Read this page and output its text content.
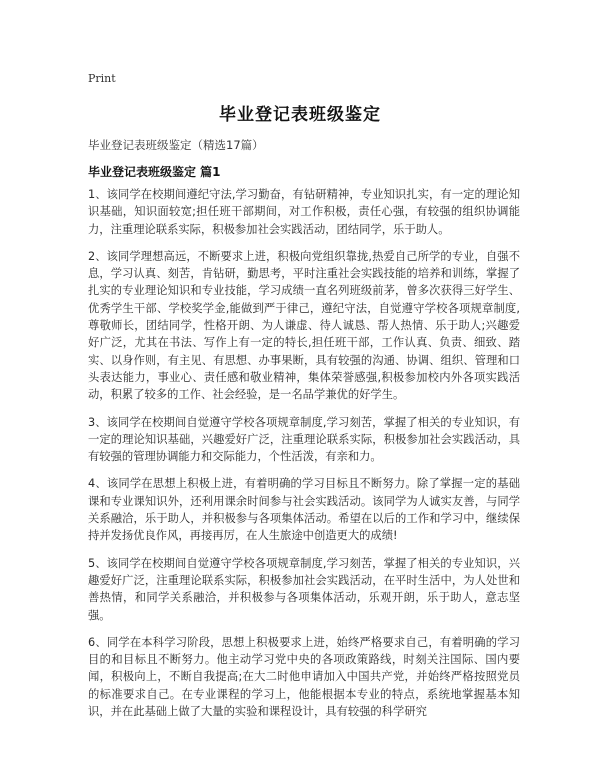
Print
毕业登记表班级鉴定
毕业登记表班级鉴定（精选17篇）
毕业登记表班级鉴定 篇1

1、该同学在校期间遵纪守法,学习勤奋，有钻研精神，专业知识扎实，有一定的理论知识基础，知识面较宽;担任班干部期间，对工作积极，责任心强，有较强的组织协调能力，注重理论联系实际，积极参加社会实践活动，团结同学，乐于助人。

2、该同学理想高远，不断要求上进，积极向党组织靠拢,热爱自己所学的专业，自强不息，学习认真、刻苦，肯钻研，勤思考，平时注重社会实践技能的培养和训练，掌握了扎实的专业理论知识和专业技能，学习成绩一直名列班级前茅，曾多次获得三好学生、优秀学生干部、学校奖学金,能做到严于律己，遵纪守法，自觉遵守学校各项规章制度,尊敬师长，团结同学，性格开朗、为人谦虚、待人诚恳、帮人热情、乐于助人;兴趣爱好广泛，尤其在书法、写作上有一定的特长,担任班干部，工作认真、负责、细致、踏实、以身作则，有主见、有思想、办事果断，具有较强的沟通、协调、组织、管理和口头表达能力，事业心、责任感和敬业精神，集体荣誉感强,积极参加校内外各项实践活动，积累了较多的工作、社会经验，是一名品学兼优的好学生。

3、该同学在校期间自觉遵守学校各项规章制度,学习刻苦，掌握了相关的专业知识，有一定的理论知识基础，兴趣爱好广泛，注重理论联系实际，积极参加社会实践活动，具有较强的管理协调能力和交际能力，个性活泼，有亲和力。

4、该同学在思想上积极上进，有着明确的学习目标且不断努力。除了掌握一定的基础课和专业课知识外，还利用课余时间参与社会实践活动。该同学为人诚实友善，与同学关系融洽，乐于助人，并积极参与各项集体活动。希望在以后的工作和学习中，继续保持并发扬优良作风，再接再厉，在人生旅途中创造更大的成绩!

5、该同学在校期间自觉遵守学校各项规章制度,学习刻苦，掌握了相关的专业知识，兴趣爱好广泛，注重理论联系实际，积极参加社会实践活动，在平时生活中，为人处世和善热情，和同学关系融洽，并积极参与各项集体活动，乐观开朗，乐于助人，意志坚强。

6、同学在本科学习阶段，思想上积极要求上进，始终严格要求自己，有着明确的学习目的和目标且不断努力。他主动学习党中央的各项政策路线，时刻关注国际、国内要闻，积极向上，不断自我提高;在大二时他申请加入中国共产党，并始终严格按照党员的标准要求自己。在专业课程的学习上，他能根据本专业的特点，系统地掌握基本知识，并在此基础上做了大量的实验和课程设计，具有较强的科学研究
